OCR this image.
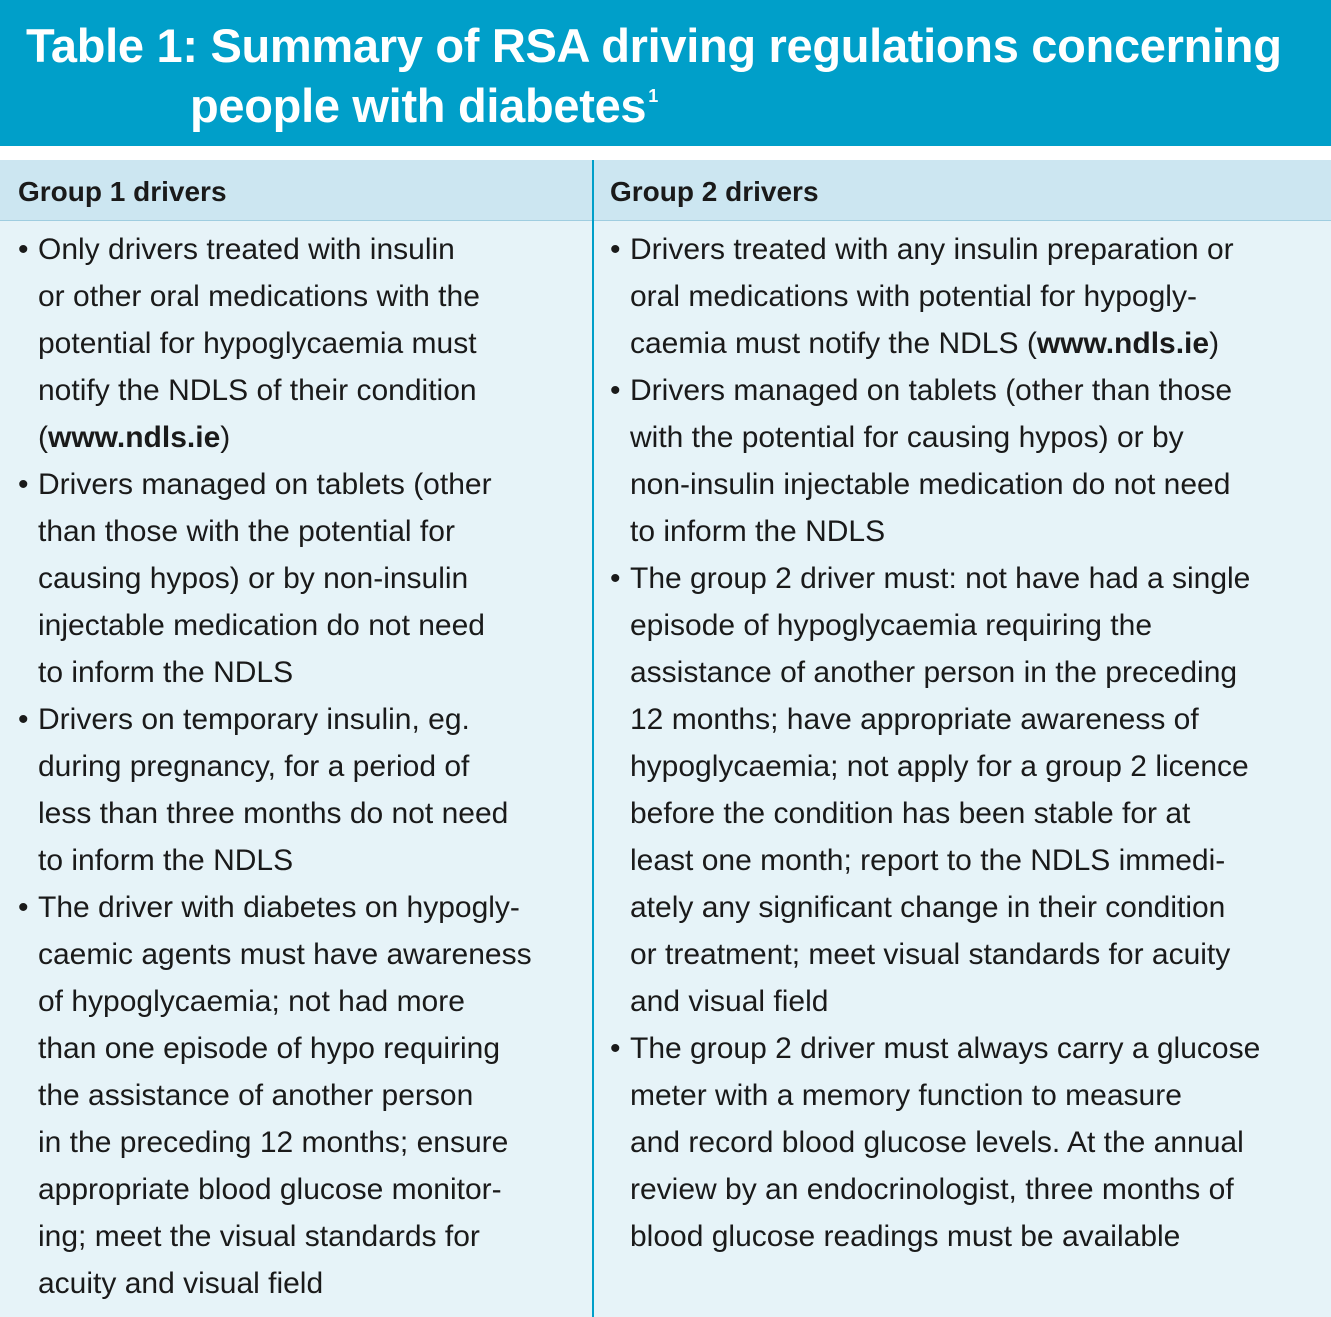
Table 1: Summary of RSA driving regulations concerning
people with diabetes $^1$
Group 1 drivers	Group 2 drivers
• Only drivers treated with insulin
or other oral medications with the
potential for hypoglycaemia must
notify the NDLS of their condition
(www.ndls.ie)
• Drivers managed on tablets (other
than those with the potential for
causing hypos) or by non-insulin
injectable medication do not need
to inform the NDLS
• Drivers on temporary insulin, eg.
during pregnancy, for a period of
less than three months do not need
to inform the NDLS
• The driver with diabetes on hypogly-
caemic agents must have awareness
of hypoglycaemia; not had more
than one episode of hypo requiring
the assistance of another person
in the preceding 12 months; ensure
appropriate blood glucose monitor-
ing; meet the visual standards for
acuity and visual field
• Drivers treated with any insulin preparation or
oral medications with potential for hypogly-
caemia must notify the NDLS (www.ndls.ie)
• Drivers managed on tablets (other than those
with the potential for causing hypos) or by
non-insulin injectable medication do not need
to inform the NDLS
• The group 2 driver must: not have had a single
episode of hypoglycaemia requiring the
assistance of another person in the preceding
12 months; have appropriate awareness of
hypoglycaemia; not apply for a group 2 licence
before the condition has been stable for at
least one month; report to the NDLS immedi-
ately any significant change in their condition
or treatment; meet visual standards for acuity
and visual field
• The group 2 driver must always carry a glucose
meter with a memory function to measure
and record blood glucose levels. At the annual
review by an endocrinologist, three months of
blood glucose readings must be available
